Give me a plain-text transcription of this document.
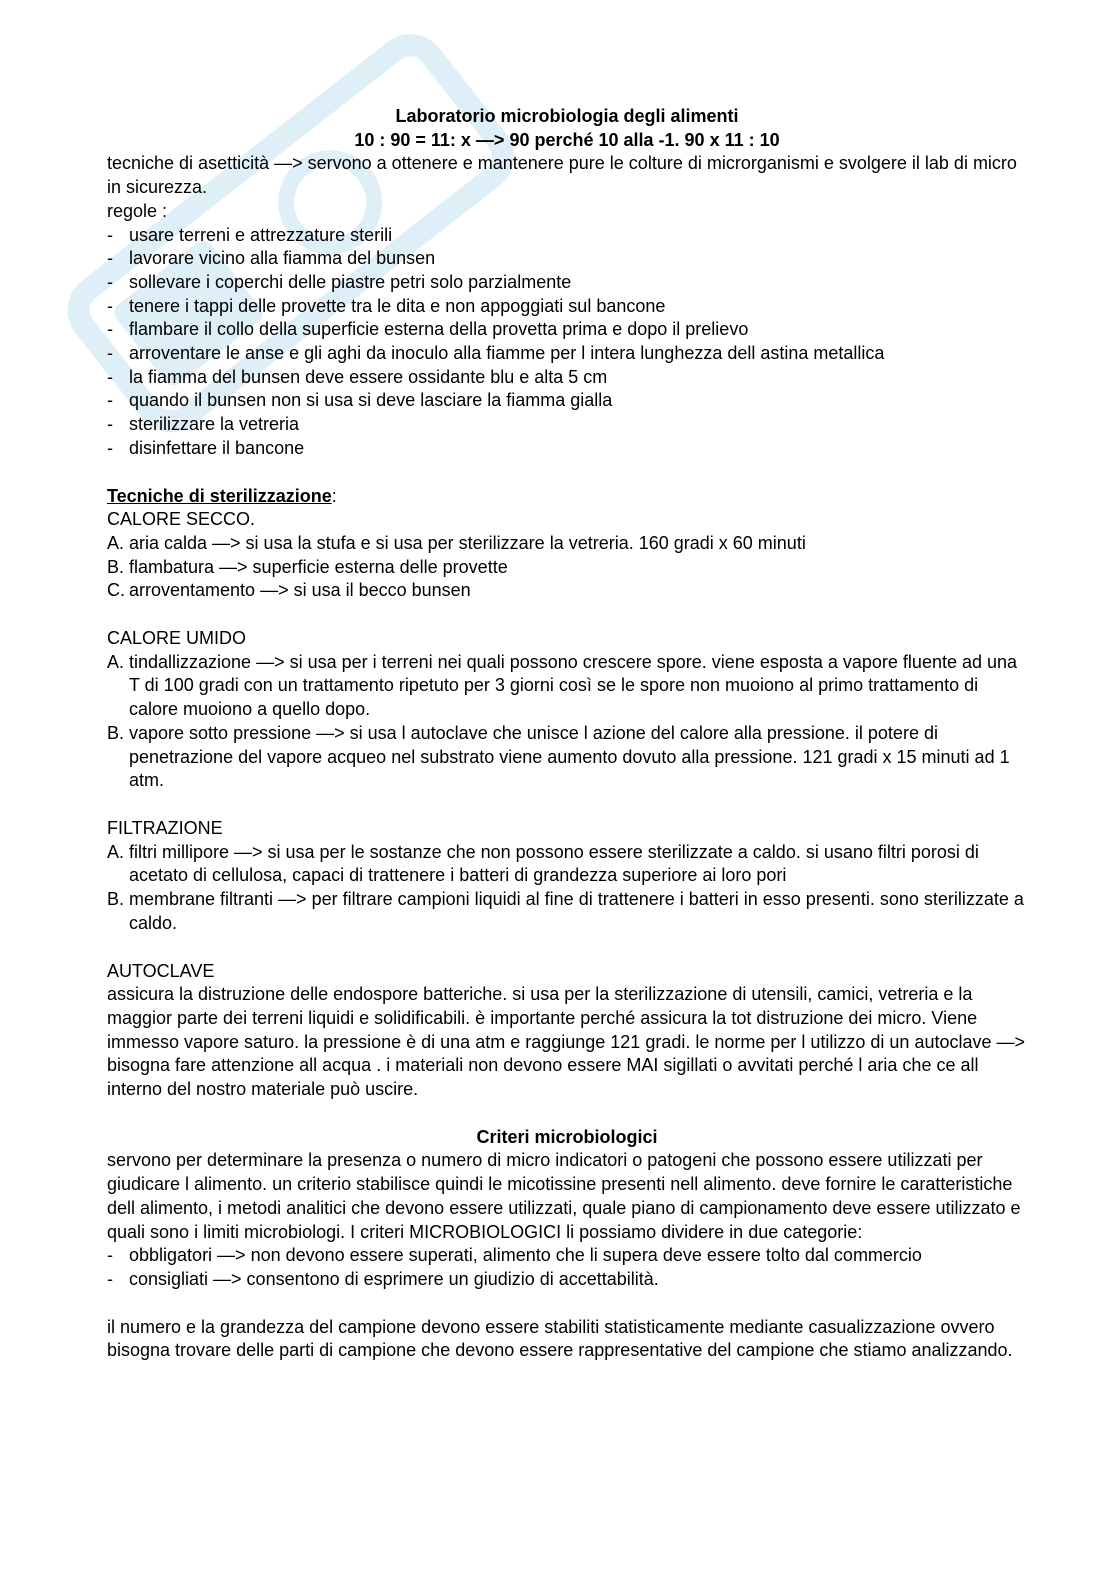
Laboratorio microbiologia degli alimenti
10 : 90 = 11: x —> 90 perché 10 alla -1. 90 x 11 : 10

tecniche di asetticità —> servono a ottenere e mantenere pure le colture di microrganismi e svolgere il lab di micro in sicurezza.

regole :

- usare terreni e attrezzature sterili
- lavorare vicino alla fiamma del bunsen
- sollevare i coperchi delle piastre petri solo parzialmente
- tenere i tappi delle provette tra le dita e non appoggiati sul bancone
- flambare il collo della superficie esterna della provetta prima e dopo il prelievo
- arroventare le anse e gli aghi da inoculo alla fiamme per l intera lunghezza dell astina metallica
- la fiamma del bunsen deve essere ossidante blu e alta 5 cm
- quando il bunsen non si usa si deve lasciare la fiamma gialla
- sterilizzare la vetreria
- disinfettare il bancone

Tecniche di sterilizzazione:

CALORE SECCO.

A. aria calda —> si usa la stufa e si usa per sterilizzare la vetreria. 160 gradi x 60 minuti
B. flambatura —> superficie esterna delle provette
C. arroventamento —> si usa il becco bunsen

CALORE UMIDO

A. tindallizzazione —> si usa per i terreni nei quali possono crescere spore. viene esposta a vapore fluente ad una T di 100 gradi con un trattamento ripetuto per 3 giorni così se le spore non muoiono al primo trattamento di calore muoiono a quello dopo.
B. vapore sotto pressione —> si usa l autoclave che unisce l azione del calore alla pressione. il potere di penetrazione del vapore acqueo nel substrato viene aumento dovuto alla pressione. 121 gradi x 15 minuti ad 1 atm.

FILTRAZIONE

A. filtri millipore —> si usa per le sostanze che non possono essere sterilizzate a caldo. si usano filtri porosi di acetato di cellulosa, capaci di trattenere i batteri di grandezza superiore ai loro pori
B. membrane filtranti —> per filtrare campioni liquidi al fine di trattenere i batteri in esso presenti. sono sterilizzate a caldo.

AUTOCLAVE

assicura la distruzione delle endospore batteriche. si usa per la sterilizzazione di utensili, camici, vetreria e la maggior parte dei terreni liquidi e solidificabili. è importante perché assicura la tot distruzione dei micro. Viene immesso vapore saturo. la pressione è di una atm e raggiunge 121 gradi. le norme per l utilizzo di un autoclave —> bisogna fare attenzione all acqua . i materiali non devono essere MAI sigillati o avvitati perché l aria che ce all interno del nostro materiale può uscire.

Criteri microbiologici

servono per determinare la presenza o numero di micro indicatori o patogeni che possono essere utilizzati per giudicare l alimento. un criterio stabilisce quindi le micotissine presenti nell alimento. deve fornire le caratteristiche dell alimento, i metodi analitici che devono essere utilizzati, quale piano di campionamento deve essere utilizzato e quali sono i limiti microbiologi. I criteri MICROBIOLOGICI li possiamo dividere in due categorie:

- obbligatori —> non devono essere superati, alimento che li supera deve essere tolto dal commercio
- consigliati —> consentono di esprimere un giudizio di accettabilità.

il numero e la grandezza del campione devono essere stabiliti statisticamente mediante casualizzazione ovvero bisogna trovare delle parti di campione che devono essere rappresentative del campione che stiamo analizzando.
